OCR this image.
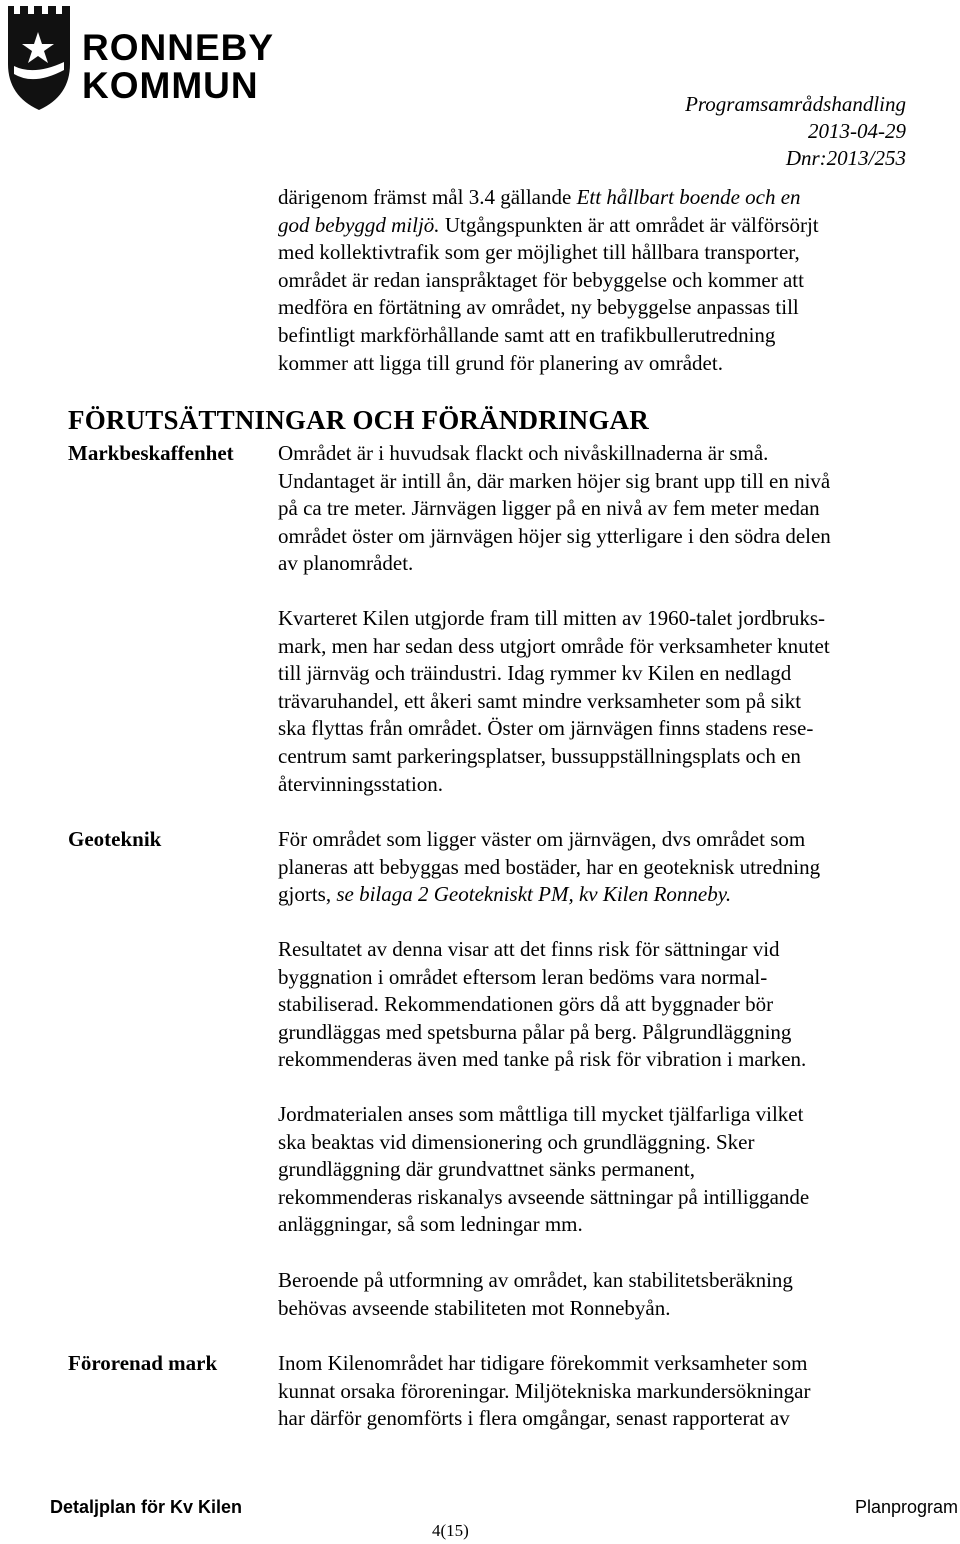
RONNEBY
KOMMUN	Programsamrådshandling
2013-04-29
Dnr:2013/253
därigenom främst mål 3.4 gällande Ett hållbart boende och en
god bebyggd miljö. Utgångspunkten är att området är välförsörjt
med kollektivtrafik som ger möjlighet till hållbara transporter,
området är redan ianspråktaget för bebyggelse och kommer att
medföra en förtätning av området, ny bebyggelse anpassas till
befintligt markförhållande samt att en trafikbullerutredning
kommer att ligga till grund för planering av området.
FÖRUTSÄTTNINGAR OCH FÖRÄNDRINGAR
Markbeskaffenhet Området är i huvudsak flackt och nivåskillnaderna är små.
Undantaget är intill ån, där marken höjer sig brant upp till en nivå
på ca tre meter. Järnvägen ligger på en nivå av fem meter medan
området öster om järnvägen höjer sig ytterligare i den södra delen
av planområdet.
Kvarteret Kilen utgjorde fram till mitten av 1960-talet jordbruks-
mark, men har sedan dess utgjort område för verksamheter knutet
till järnväg och träindustri. Idag rymmer kv Kilen en nedlagd
trävaruhandel, ett åkeri samt mindre verksamheter som på sikt
ska flyttas från området. Öster om järnvägen finns stadens rese-
centrum samt parkeringsplatser, bussuppställningsplats och en
återvinningsstation.
Geoteknik	För området som ligger väster om järnvägen, dvs området som
planeras att bebyggas med bostäder, har en geoteknisk utredning
gjorts, se bilaga 2 Geotekniskt PM, kv Kilen Ronneby.
Resultatet av denna visar att det finns risk för sättningar vid
byggnation i området eftersom leran bedöms vara normal-
stabiliserad. Rekommendationen görs då att byggnader bör
grundläggas med spetsburna pålar på berg. Pålgrundläggning
rekommenderas även med tanke på risk för vibration i marken.
Jordmaterialen anses som måttliga till mycket tjälfarliga vilket
ska beaktas vid dimensionering och grundläggning. Sker
grundläggning där grundvattnet sänks permanent,
rekommenderas riskanalys avseende sättningar på intilliggande
anläggningar, så som ledningar mm.
Beroende på utformning av området, kan stabilitetsberäkning
behövas avseende stabiliteten mot Ronnebyån.
Förorenad mark	Inom Kilenområdet har tidigare förekommit verksamheter som
kunnat orsaka föroreningar. Miljötekniska markundersökningar
har därför genomförts i flera omgångar, senast rapporterat av
Detaljplan för Kv Kilen	Planprogram
4(15)
